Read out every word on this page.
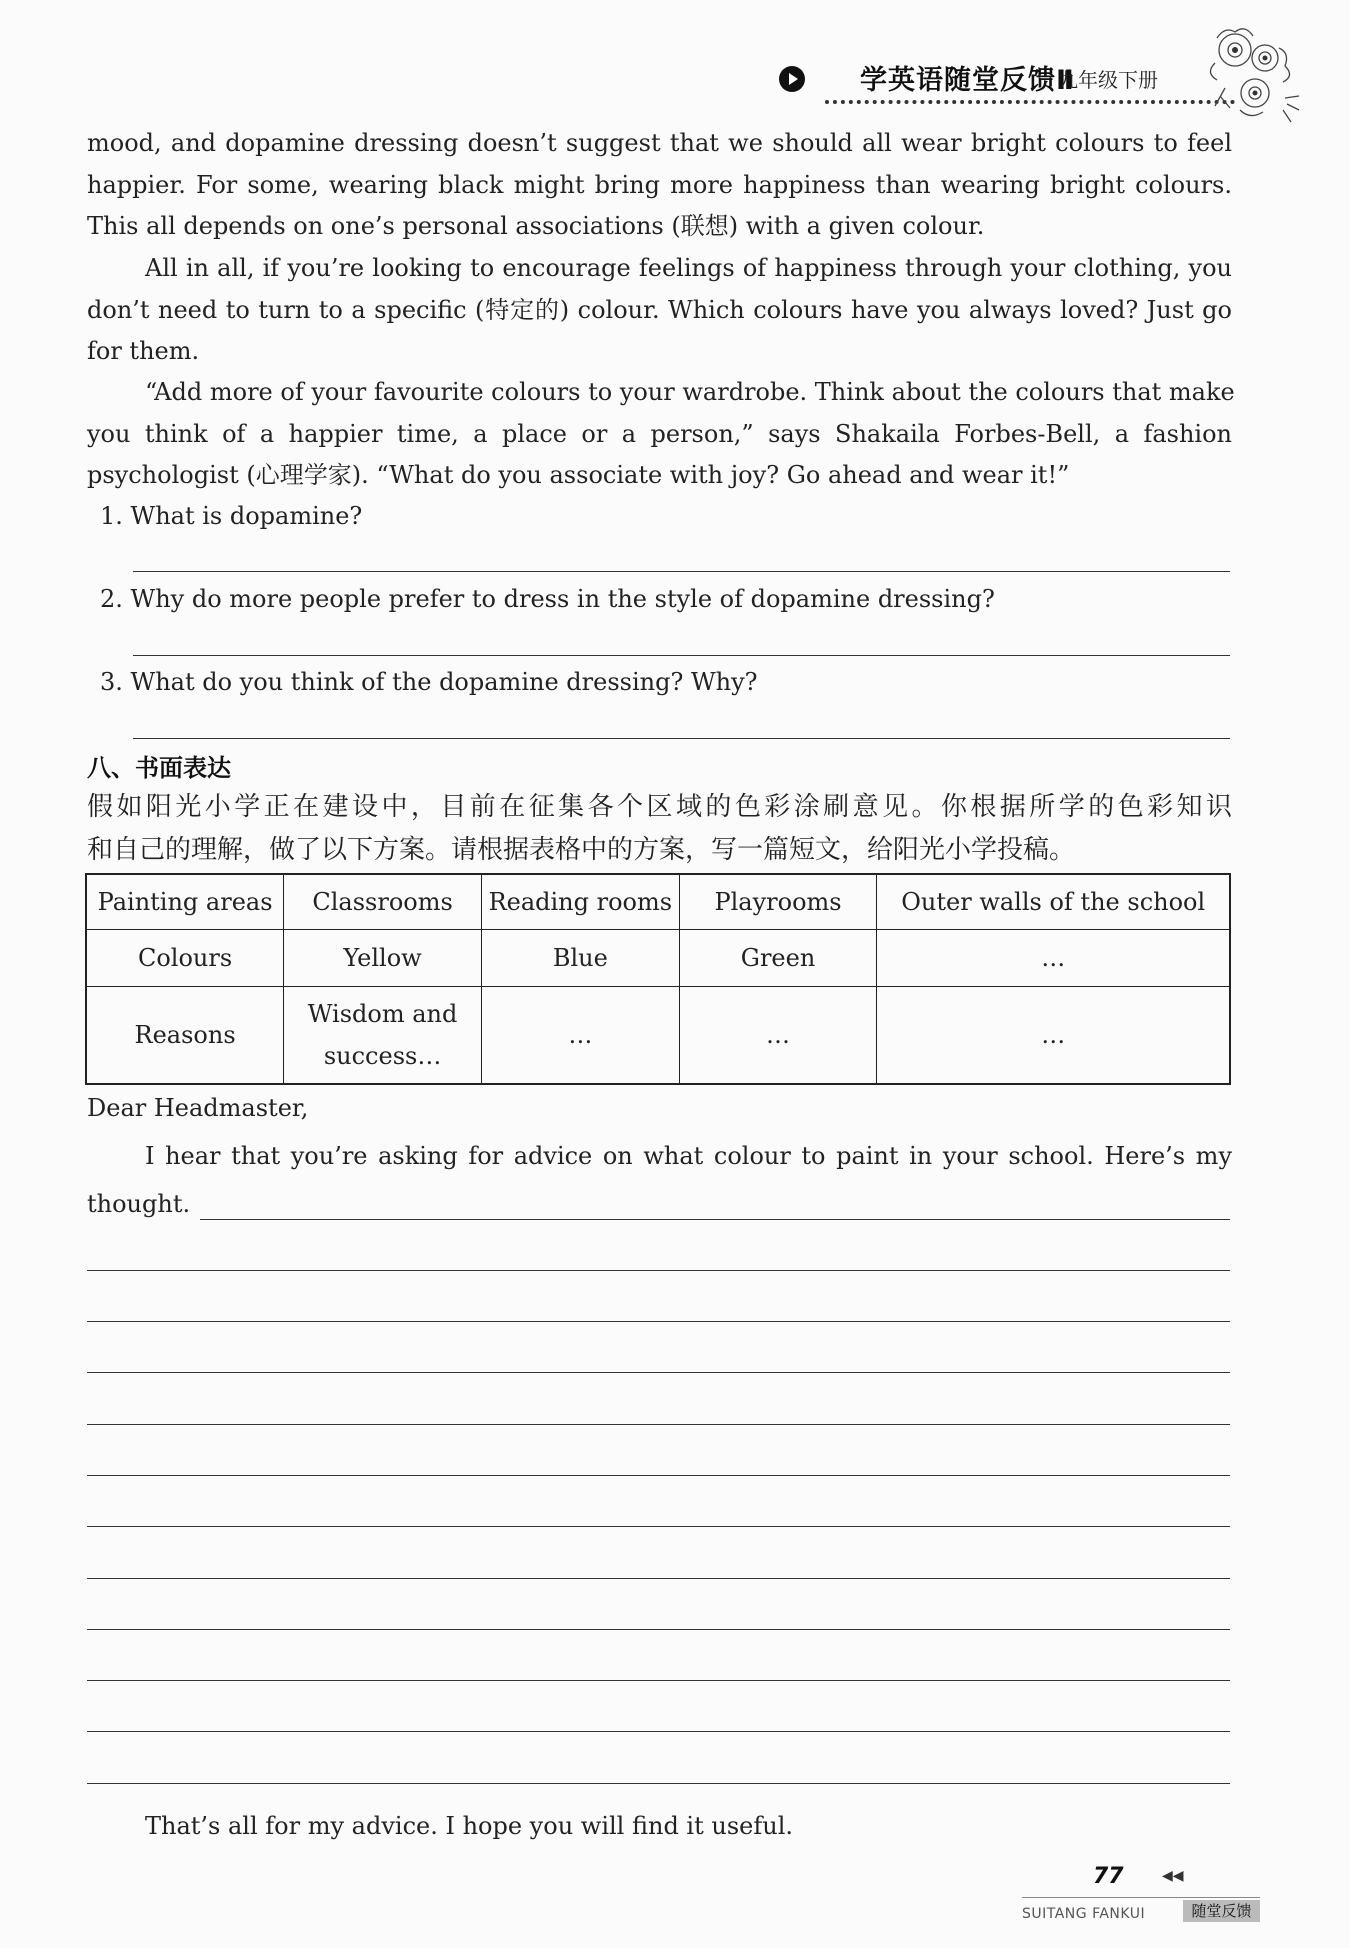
学英语随堂反馈Ⅱ
九年级下册
mood, and dopamine dressing doesn’t suggest that we should all wear bright colours to feel
happier. For some, wearing black might bring more happiness than wearing bright colours.
This all depends on one’s personal associations (联想) with a given colour.
All in all, if you’re looking to encourage feelings of happiness through your clothing, you
don’t need to turn to a specific (特定的) colour. Which colours have you always loved? Just go
for them.
“Add more of your favourite colours to your wardrobe. Think about the colours that make
you think of a happier time, a place or a person,” says Shakaila Forbes-Bell, a fashion
psychologist (心理学家). “What do you associate with joy? Go ahead and wear it!”
1. What is dopamine?
2. Why do more people prefer to dress in the style of dopamine dressing?
3. What do you think of the dopamine dressing? Why?
八、书面表达
假如阳光小学正在建设中，目前在征集各个区域的色彩涂刷意见。你根据所学的色彩知识
和自己的理解，做了以下方案。请根据表格中的方案，写一篇短文，给阳光小学投稿。
Painting areas	Classrooms	Reading rooms	Playrooms	Outer walls of the school
Colours	Yellow	Blue	Green	…
Reasons	Wisdom and
success…	…	…	…
Dear Headmaster,
I hear that you’re asking for advice on what colour to paint in your school. Here’s my
thought.
That’s all for my advice. I hope you will find it useful.
77	◀◀
SUITANG FANKUI	随堂反馈
